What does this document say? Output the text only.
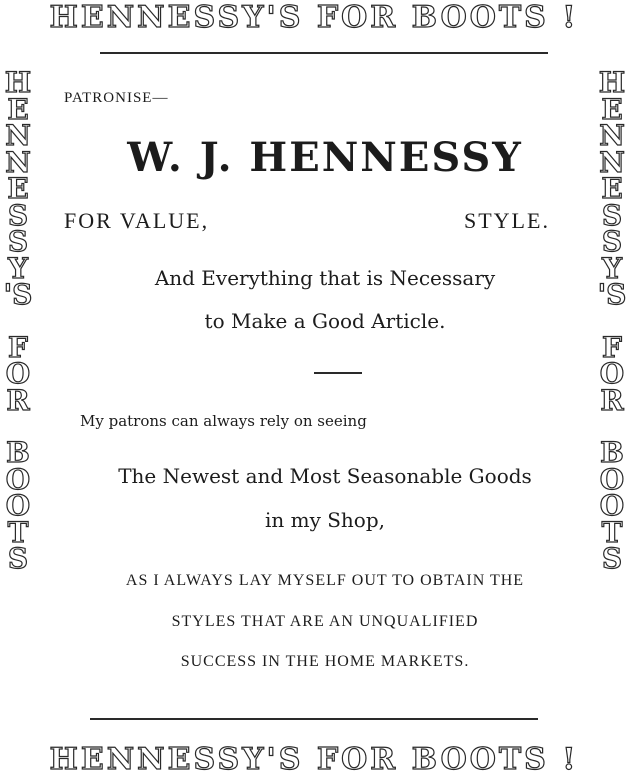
HENNESSY'S FOR BOOTS !
H
E
N
N
E
S
S
Y
'S
F
O
R
B
O
O
T
S
H
E
N
N
E
S
S
Y
'S
F
O
R
B
O
O
T
S
PATRONISE—
W. J. HENNESSY
FOR VALUE,	STYLE.
And Everything that is Necessary
to Make a Good Article.
My patrons can always rely on seeing
The Newest and Most Seasonable Goods
in my Shop,
AS I ALWAYS LAY MYSELF OUT TO OBTAIN THE
STYLES THAT ARE AN UNQUALIFIED
SUCCESS IN THE HOME MARKETS.
HENNESSY'S FOR BOOTS !
